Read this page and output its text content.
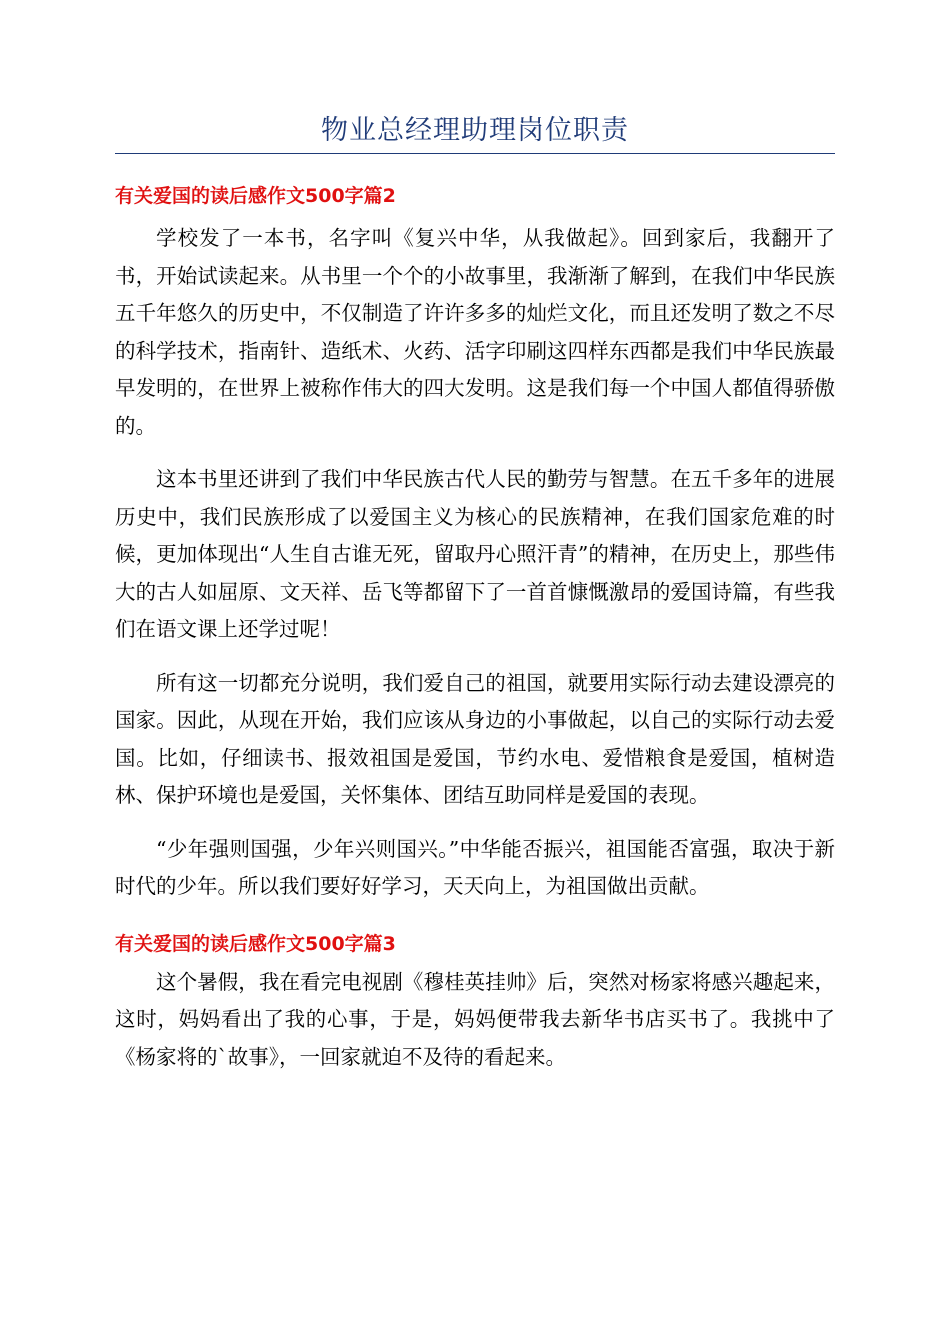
物业总经理助理岗位职责
有关爱国的读后感作文500字篇2

学校发了一本书，名字叫《复兴中华，从我做起》。回到家后，我翻开了书，开始试读起来。从书里一个个的小故事里，我渐渐了解到，在我们中华民族五千年悠久的历史中，不仅制造了许许多多的灿烂文化，而且还发明了数之不尽的科学技术，指南针、造纸术、火药、活字印刷这四样东西都是我们中华民族最早发明的，在世界上被称作伟大的四大发明。这是我们每一个中国人都值得骄傲的。

这本书里还讲到了我们中华民族古代人民的勤劳与智慧。在五千多年的进展历史中，我们民族形成了以爱国主义为核心的民族精神，在我们国家危难的时候，更加体现出“人生自古谁无死，留取丹心照汗青”的精神，在历史上，那些伟大的古人如屈原、文天祥、岳飞等都留下了一首首慷慨激昂的爱国诗篇，有些我们在语文课上还学过呢！

所有这一切都充分说明，我们爱自己的祖国，就要用实际行动去建设漂亮的国家。因此，从现在开始，我们应该从身边的小事做起，以自己的实际行动去爱国。比如，仔细读书、报效祖国是爱国，节约水电、爱惜粮食是爱国，植树造林、保护环境也是爱国，关怀集体、团结互助同样是爱国的表现。

“少年强则国强，少年兴则国兴。”中华能否振兴，祖国能否富强，取决于新时代的少年。所以我们要好好学习，天天向上，为祖国做出贡献。

有关爱国的读后感作文500字篇3

这个暑假，我在看完电视剧《穆桂英挂帅》后，突然对杨家将感兴趣起来，这时，妈妈看出了我的心事，于是，妈妈便带我去新华书店买书了。我挑中了《杨家将的`故事》，一回家就迫不及待的看起来。
